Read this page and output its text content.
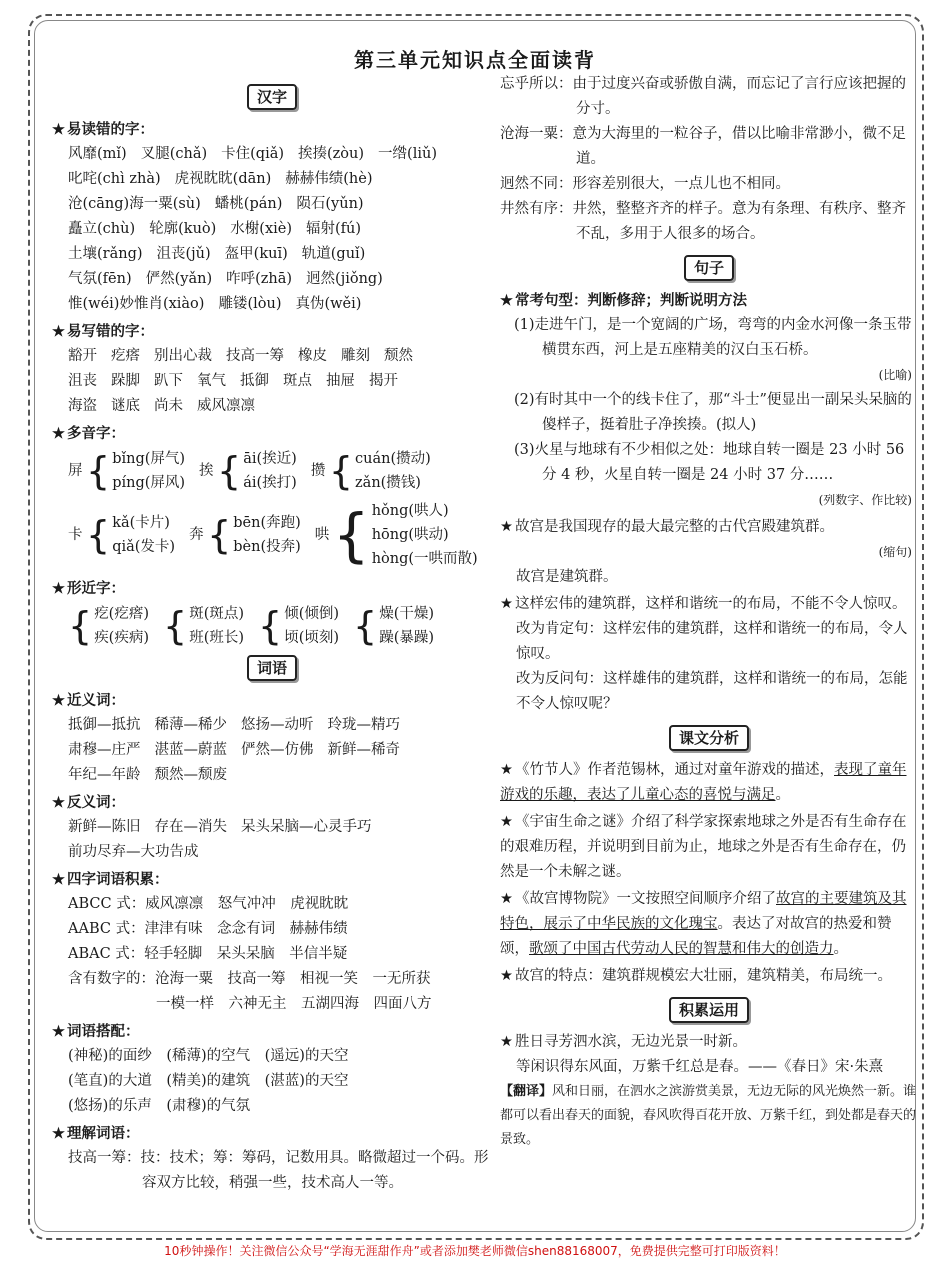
第三单元知识点全面读背
汉字
★ 易读错的字：
风靡(mǐ) 叉腿(chǎ) 卡住(qiǎ) 挨揍(zòu) 一绺(liǔ)
叱咤(chì zhà) 虎视眈眈(dān) 赫赫伟绩(hè)
沧(cāng)海一粟(sù) 蟠桃(pán) 陨石(yǔn)
矗立(chù) 轮廓(kuò) 水榭(xiè) 辐射(fú)
土壤(rǎng) 沮丧(jǔ) 盔甲(kuī) 轨道(guǐ)
气氛(fēn) 俨然(yǎn) 咋呼(zhā) 迥然(jiǒng)
惟(wéi)妙惟肖(xiào) 雕镂(lòu) 真伪(wěi)
★ 易写错的字：
豁开 疙瘩 别出心裁 技高一筹 橡皮 雕刻 颓然
沮丧 跺脚 趴下 氧气 抵御 斑点 抽屉 揭开
海盗 谜底 尚未 威风凛凛
★ 多音字：
屏 { bǐng(屏气)
píng(屏风)
挨 { āi(挨近)
ái(挨打)
攒 { cuán(攒动)
zǎn(攒钱)
卡 { kǎ(卡片)
qiǎ(发卡)
奔 { bēn(奔跑)
bèn(投奔)
哄 { hǒng(哄人)
hōng(哄动)
hòng(一哄而散)
★ 形近字：
{ 疙(疙瘩)
疾(疾病) { 斑(斑点)
班(班长) { 倾(倾倒)
顷(顷刻) { 燥(干燥)
躁(暴躁)
词语
★ 近义词：
抵御—抵抗 稀薄—稀少 悠扬—动听 玲珑—精巧
肃穆—庄严 湛蓝—蔚蓝 俨然—仿佛 新鲜—稀奇
年纪—年龄 颓然—颓废
★ 反义词：
新鲜—陈旧 存在—消失 呆头呆脑—心灵手巧
前功尽弃—大功告成
★ 四字词语积累：
ABCC 式：威风凛凛　怒气冲冲　虎视眈眈
AABC 式：津津有味　念念有词　赫赫伟绩
ABAC 式：轻手轻脚　呆头呆脑　半信半疑
含有数字的：沧海一粟　技高一筹　相视一笑　一无所获
一模一样　六神无主　五湖四海　四面八方
★ 词语搭配：
(神秘)的面纱　(稀薄)的空气　(遥远)的天空
(笔直)的大道　(精美)的建筑　(湛蓝)的天空
(悠扬)的乐声　(肃穆)的气氛
★ 理解词语：
技高一筹：技：技术；筹：筹码，记数用具。略微超过一个码。形容双方比较，稍强一些，技术高人一等。
忘乎所以：由于过度兴奋或骄傲自满，而忘记了言行应该把握的分寸。
沧海一粟：意为大海里的一粒谷子，借以比喻非常渺小，微不足道。
迥然不同：形容差别很大，一点儿也不相同。
井然有序：井然，整整齐齐的样子。意为有条理、有秩序、整齐不乱，多用于人很多的场合。
句子
★ 常考句型：判断修辞；判断说明方法
(1)走进午门，是一个宽阔的广场，弯弯的内金水河像一条玉带横贯东西，河上是五座精美的汉白玉石桥。
(比喻)
(2)有时其中一个的线卡住了，那“斗士”便显出一副呆头呆脑的傻样子，挺着肚子净挨揍。(拟人)
(3)火星与地球有不少相似之处：地球自转一圈是 23 小时 56 分 4 秒，火星自转一圈是 24 小时 37 分……
(列数字、作比较)
★ 故宫是我国现存的最大最完整的古代宫殿建筑群。
(缩句)
故宫是建筑群。
★ 这样宏伟的建筑群，这样和谐统一的布局，不能不令人惊叹。
改为肯定句：这样宏伟的建筑群，这样和谐统一的布局，令人惊叹。
改为反问句：这样雄伟的建筑群，这样和谐统一的布局，怎能不令人惊叹呢？
课文分析
★ 《竹节人》作者范锡林，通过对童年游戏的描述，表现了童年游戏的乐趣，表达了儿童心态的喜悦与满足。
★ 《宇宙生命之谜》介绍了科学家探索地球之外是否有生命存在的艰难历程，并说明到目前为止，地球之外是否有生命存在，仍然是一个未解之谜。
★ 《故宫博物院》一文按照空间顺序介绍了故宫的主要建筑及其特色，展示了中华民族的文化瑰宝。表达了对故宫的热爱和赞颂，歌颂了中国古代劳动人民的智慧和伟大的创造力。
★ 故宫的特点：建筑群规模宏大壮丽，建筑精美，布局统一。
积累运用
★ 胜日寻芳泗水滨，无边光景一时新。
等闲识得东风面，万紫千红总是春。——《春日》宋·朱熹
【翻译】风和日丽，在泗水之滨游赏美景，无边无际的风光焕然一新。谁都可以看出春天的面貌，春风吹得百花开放、万紫千红，到处都是春天的景致。
10秒钟操作！关注微信公众号“学海无涯甜作舟”或者添加樊老师微信shen88168007，免费提供完整可打印版资料！
